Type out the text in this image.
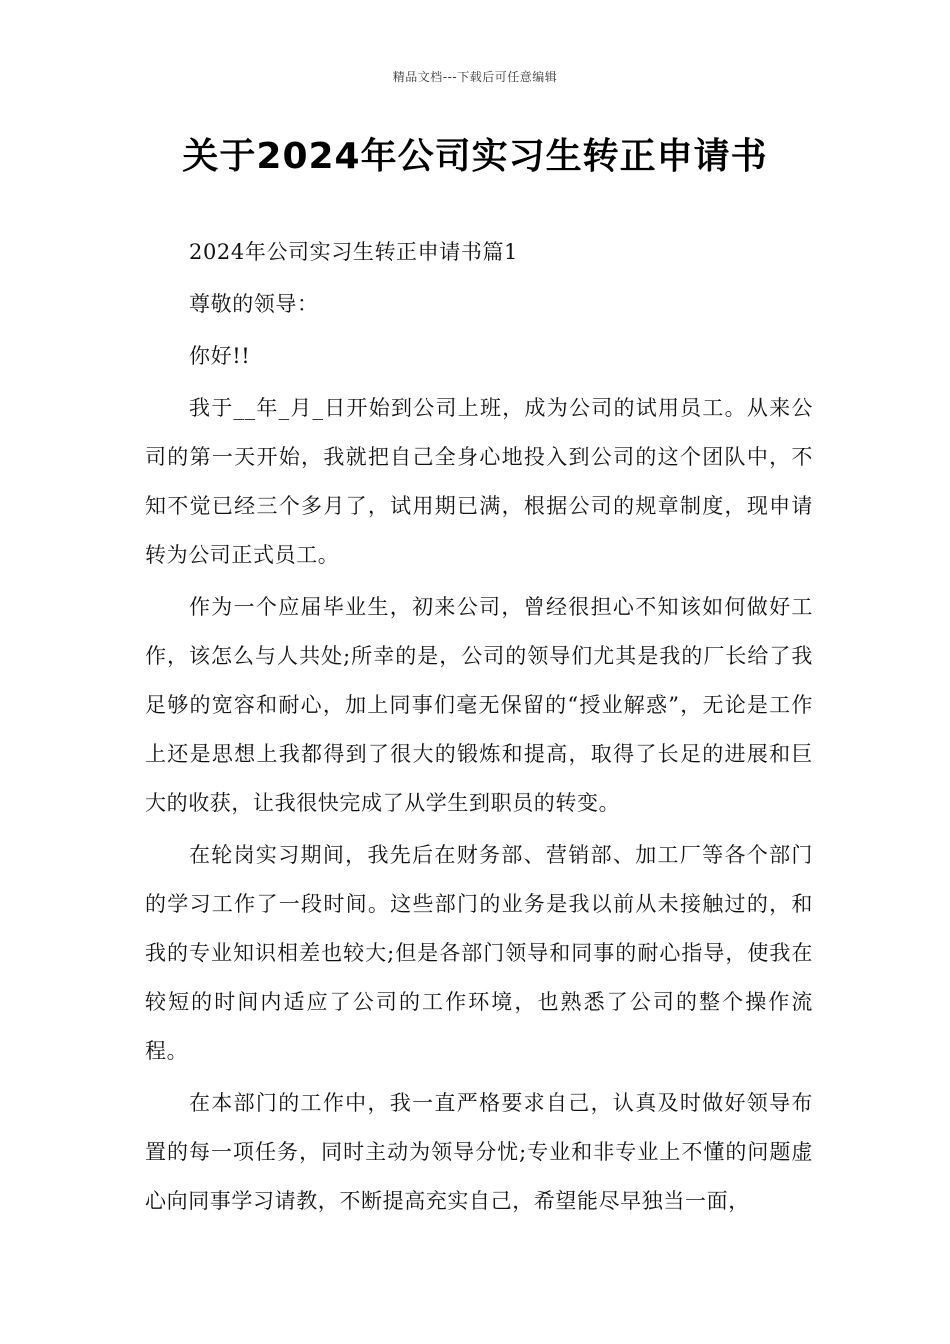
精品文档---下载后可任意编辑
关于2024年公司实习生转正申请书

2024年公司实习生转正申请书篇1

尊敬的领导：

你好!!

我于__年_月_日开始到公司上班，成为公司的试用员工。从来公司的第一天开始，我就把自己全身心地投入到公司的这个团队中，不知不觉已经三个多月了，试用期已满，根据公司的规章制度，现申请转为公司正式员工。

作为一个应届毕业生，初来公司，曾经很担心不知该如何做好工作，该怎么与人共处;所幸的是，公司的领导们尤其是我的厂长给了我足够的宽容和耐心，加上同事们毫无保留的“授业解惑”，无论是工作上还是思想上我都得到了很大的锻炼和提高，取得了长足的进展和巨大的收获，让我很快完成了从学生到职员的转变。

在轮岗实习期间，我先后在财务部、营销部、加工厂等各个部门的学习工作了一段时间。这些部门的业务是我以前从未接触过的，和我的专业知识相差也较大;但是各部门领导和同事的耐心指导，使我在较短的时间内适应了公司的工作环境，也熟悉了公司的整个操作流程。

在本部门的工作中，我一直严格要求自己，认真及时做好领导布置的每一项任务，同时主动为领导分忧;专业和非专业上不懂的问题虚心向同事学习请教，不断提高充实自己，希望能尽早独当一面，
